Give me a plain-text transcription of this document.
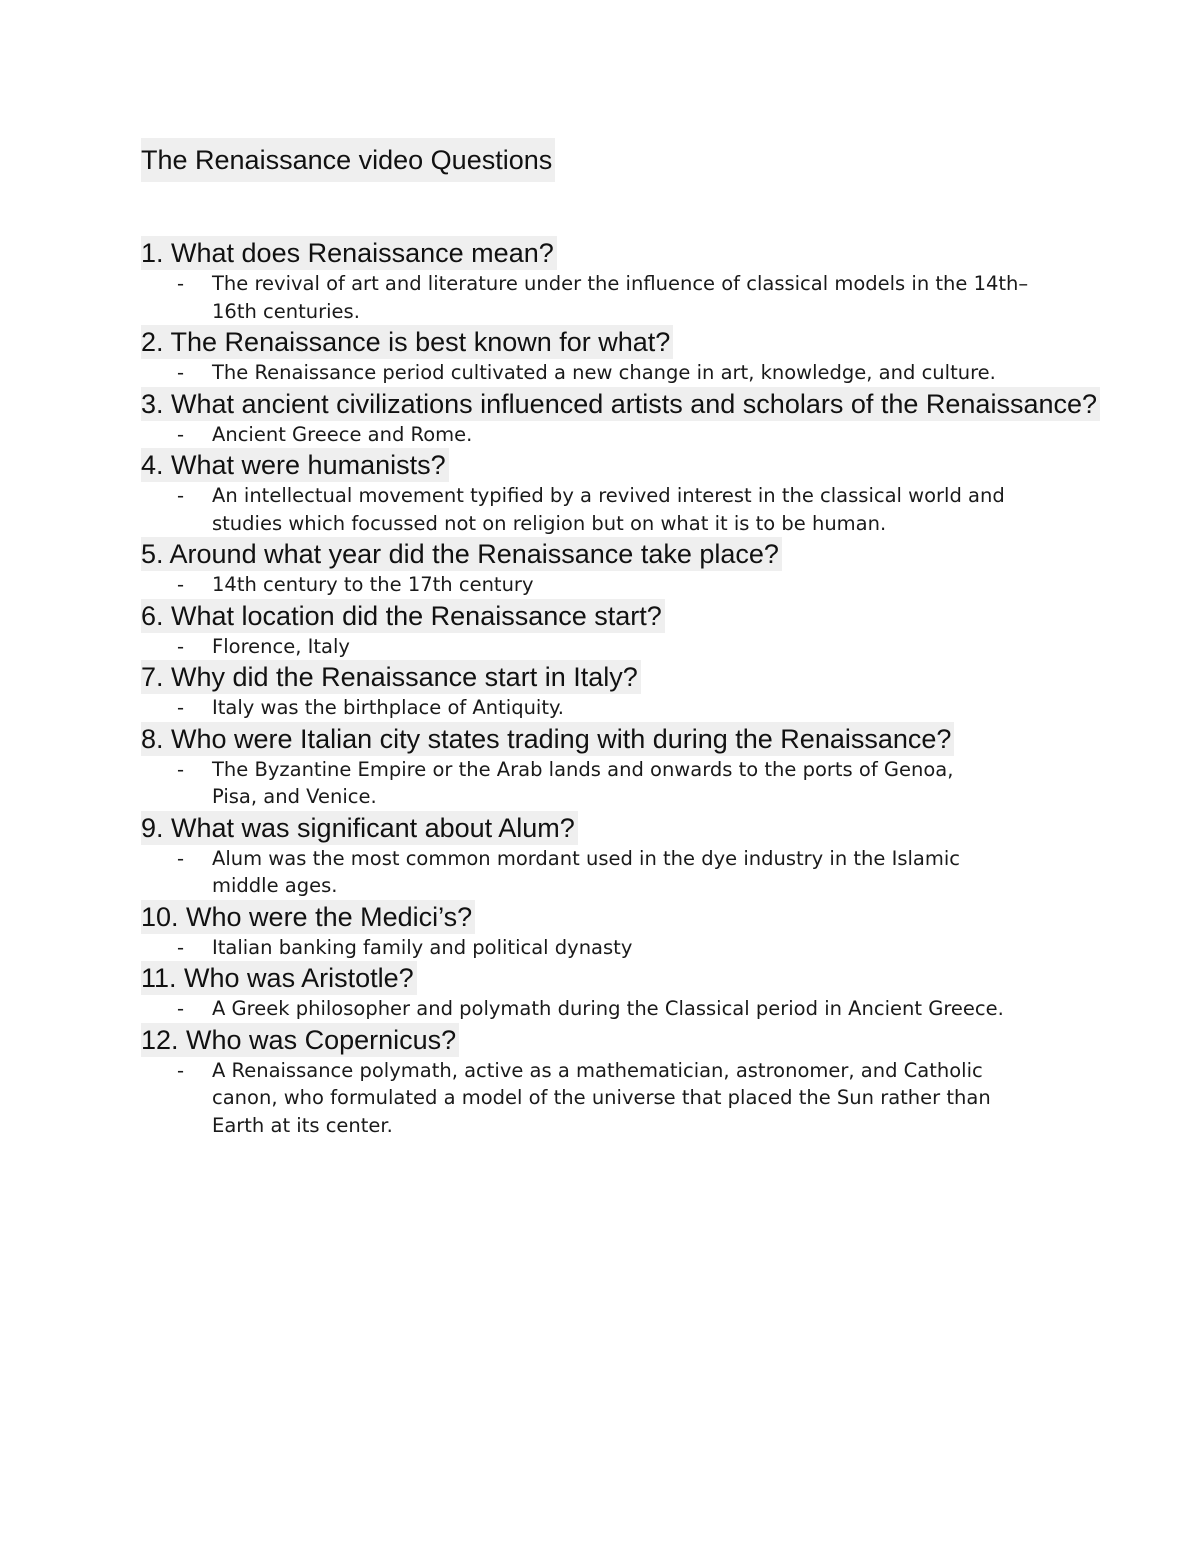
The Renaissance video Questions
1. What does Renaissance mean?
- The revival of art and literature under the influence of classical models in the 14th–16th centuries.
2. The Renaissance is best known for what?
- The Renaissance period cultivated a new change in art, knowledge, and culture.
3. What ancient civilizations influenced artists and scholars of the Renaissance?
- Ancient Greece and Rome.
4. What were humanists?
- An intellectual movement typified by a revived interest in the classical world and studies which focussed not on religion but on what it is to be human.
5. Around what year did the Renaissance take place?
- 14th century to the 17th century
6. What location did the Renaissance start?
- Florence, Italy
7. Why did the Renaissance start in Italy?
- Italy was the birthplace of Antiquity.
8. Who were Italian city states trading with during the Renaissance?
- The Byzantine Empire or the Arab lands and onwards to the ports of Genoa, Pisa, and Venice.
9. What was significant about Alum?
- Alum was the most common mordant used in the dye industry in the Islamic middle ages.
10. Who were the Medici’s?
- Italian banking family and political dynasty
11. Who was Aristotle?
- A Greek philosopher and polymath during the Classical period in Ancient Greece.
12. Who was Copernicus?
- A Renaissance polymath, active as a mathematician, astronomer, and Catholic canon, who formulated a model of the universe that placed the Sun rather than Earth at its center.
